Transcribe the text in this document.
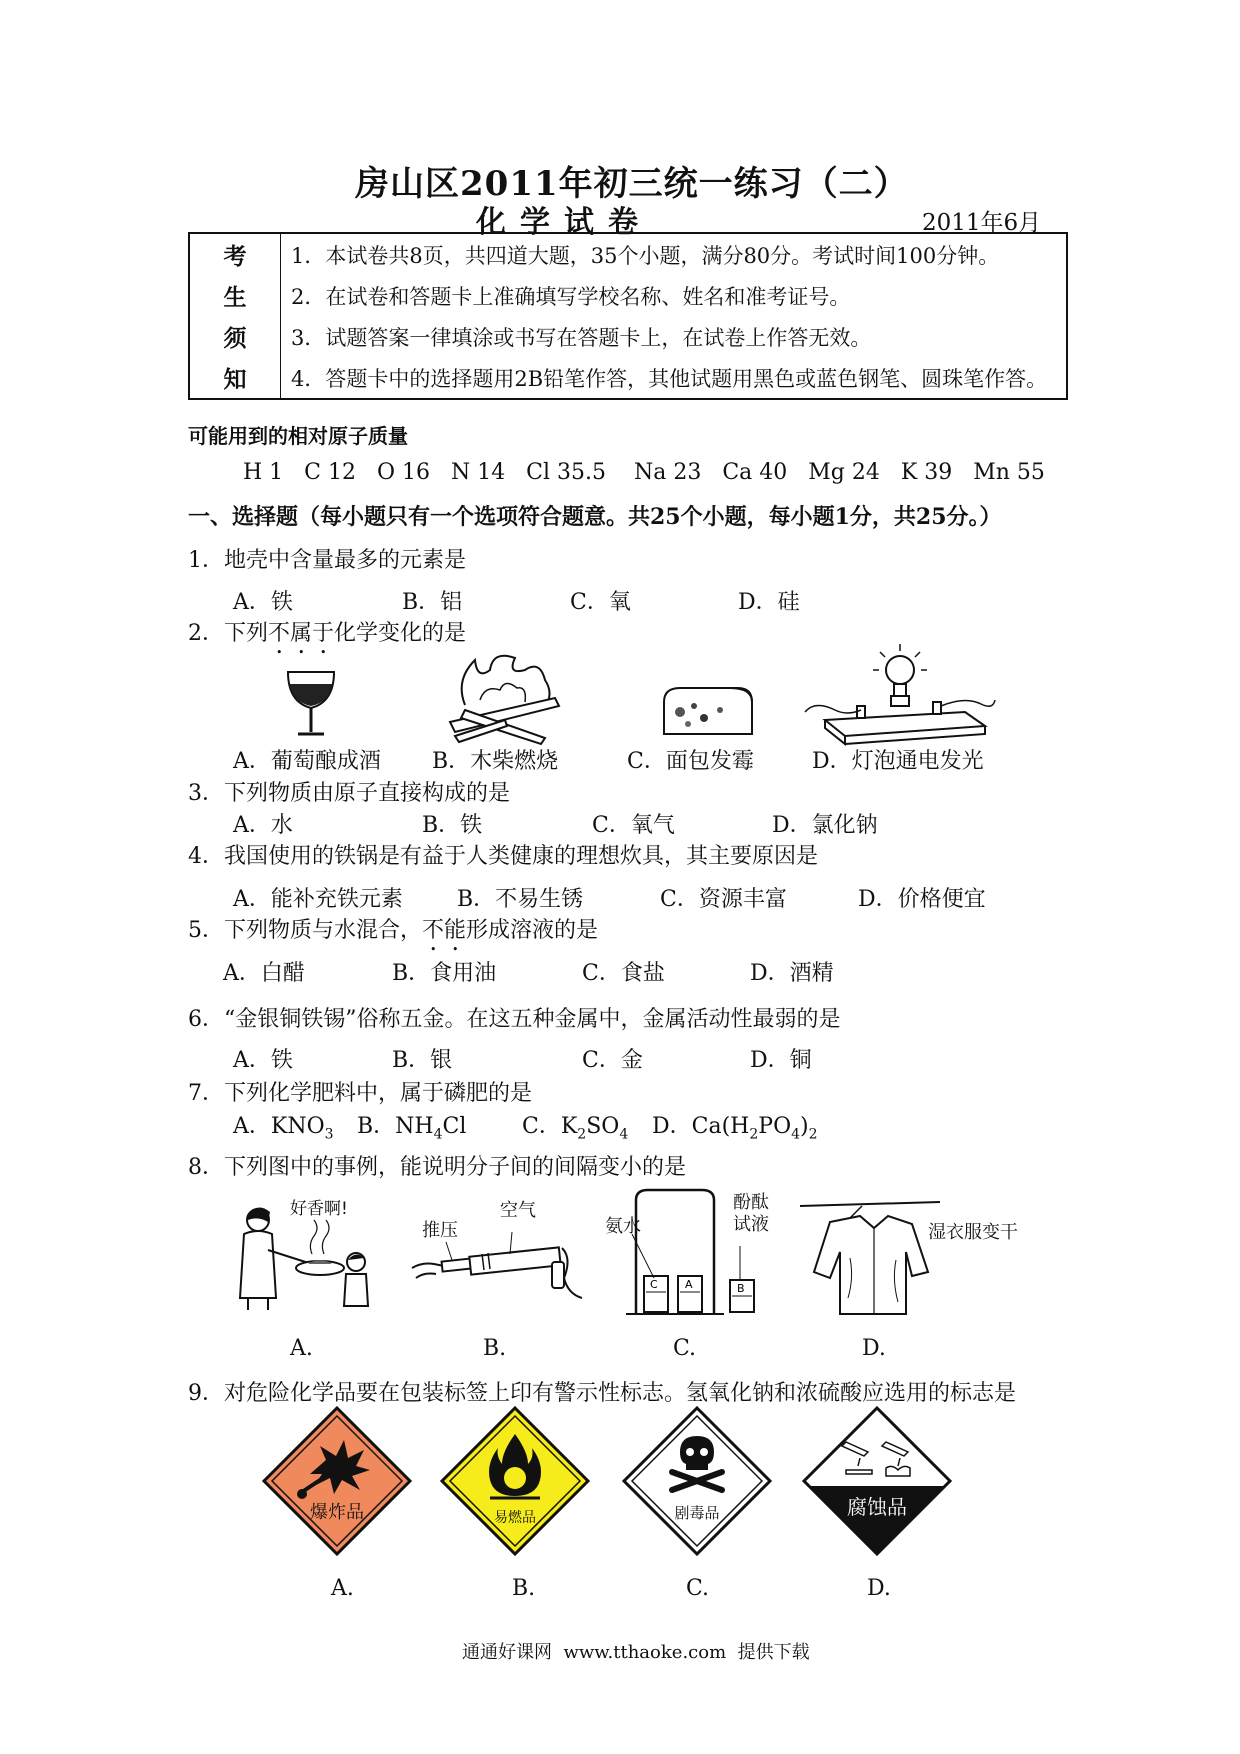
房山区2011年初三统一练习（二）
化学试卷	2011年6月
考	1．本试卷共8页，共四道大题，35个小题，满分80分。考试时间100分钟。
生	2．在试卷和答题卡上准确填写学校名称、姓名和准考证号。
须	3．试题答案一律填涂或书写在答题卡上，在试卷上作答无效。
知	4．答题卡中的选择题用2B铅笔作答，其他试题用黑色或蓝色钢笔、圆珠笔作答。
可能用到的相对原子质量
H 1   C 12   O 16   N 14   Cl 35.5    Na 23   Ca 40   Mg 24   K 39   Mn 55
一、选择题（每小题只有一个选项符合题意。共25个小题，每小题1分，共25分。）
1．地壳中含量最多的元素是
A．铁	B．铝	C．氧	D．硅
2．下列不属于化学变化的是
A．葡萄酿成酒 B．木柴燃烧	C．面包发霉	D．灯泡通电发光
3．下列物质由原子直接构成的是
A．水	B．铁	C．氧气	D．氯化钠
4．我国使用的铁锅是有益于人类健康的理想炊具，其主要原因是
A．能补充铁元素 B．不易生锈	C．资源丰富	D．价格便宜
5．下列物质与水混合，不能形成溶液的是
A．白醋	B．食用油	C．食盐	D．酒精
6．“金银铜铁锡”俗称五金。在这五种金属中，金属活动性最弱的是
A．铁	B．银	C．金	D．铜
7．下列化学肥料中，属于磷肥的是
A．$KNO_3$ B．$NH_4Cl$	C．$K_2SO_4$ D．$Ca(H_2PO_4)_2$
8．下列图中的事例，能说明分子间的间隔变小的是
好香啊!
推压
空气
C A	B
氨水
酚酞
试液	湿衣服变干
A.	B.	C.	D.
9．对危险化学品要在包装标签上印有警示性标志。氢氧化钠和浓硫酸应选用的标志是
爆炸品	易燃品	剧毒品	腐蚀品
A.	B.	C.	D.
通通好课网  www.tthaoke.com  提供下载
